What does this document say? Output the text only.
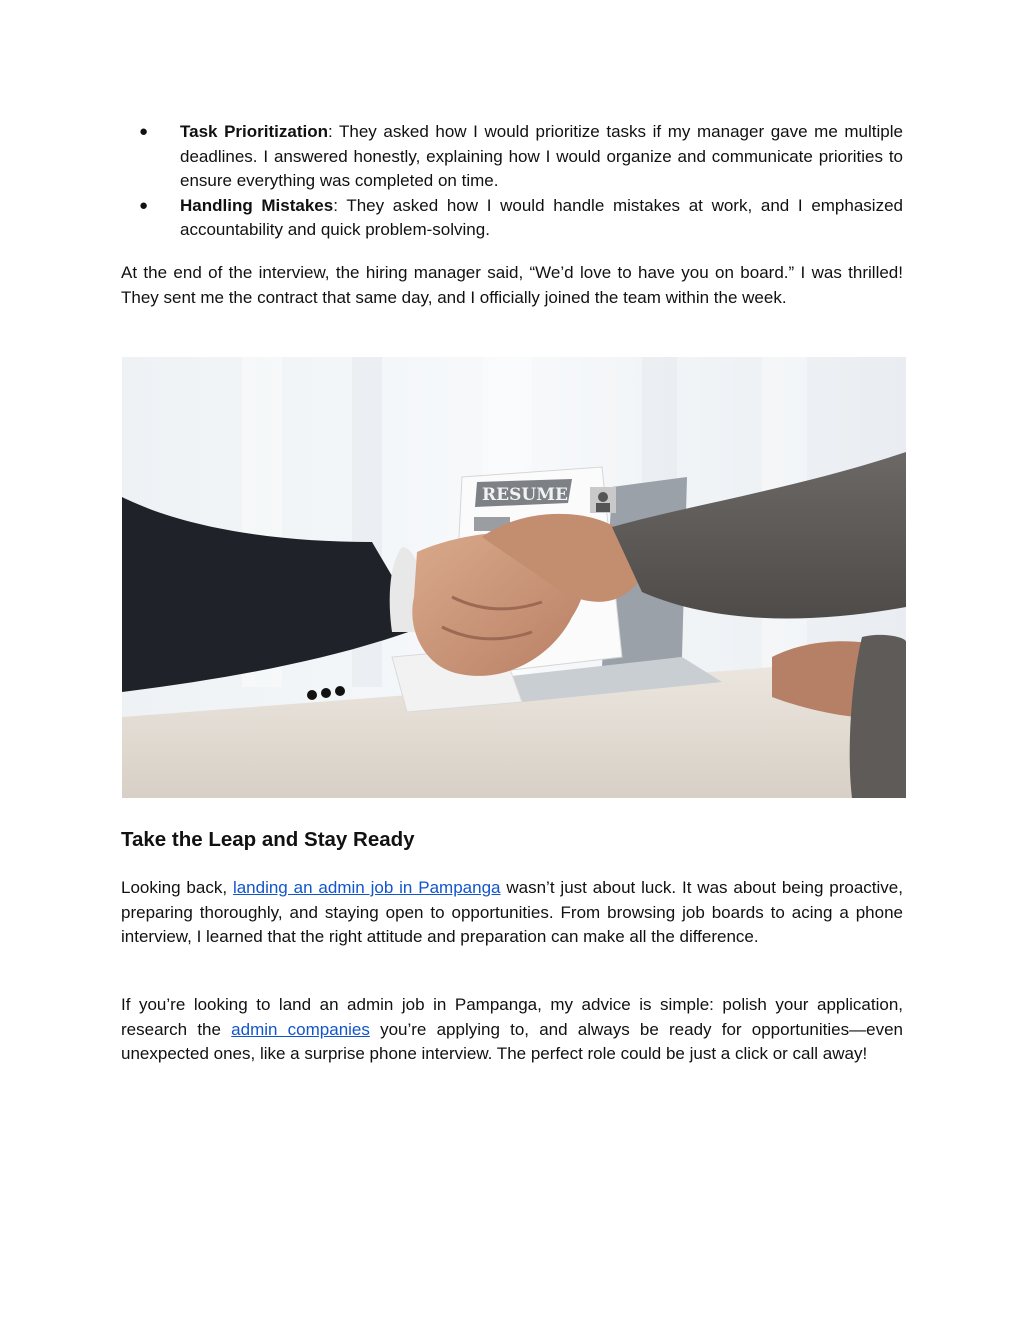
● Task Prioritization: They asked how I would prioritize tasks if my manager gave me multiple deadlines. I answered honestly, explaining how I would organize and communicate priorities to ensure everything was completed on time.
● Handling Mistakes: They asked how I would handle mistakes at work, and I emphasized accountability and quick problem-solving.

At the end of the interview, the hiring manager said, “We’d love to have you on board.” I was thrilled! They sent me the contract that same day, and I officially joined the team within the week.

RESUME
Take the Leap and Stay Ready

Looking back, landing an admin job in Pampanga wasn’t just about luck. It was about being proactive, preparing thoroughly, and staying open to opportunities. From browsing job boards to acing a phone interview, I learned that the right attitude and preparation can make all the difference.

If you’re looking to land an admin job in Pampanga, my advice is simple: polish your application, research the admin companies you’re applying to, and always be ready for opportunities—even unexpected ones, like a surprise phone interview. The perfect role could be just a click or call away!
